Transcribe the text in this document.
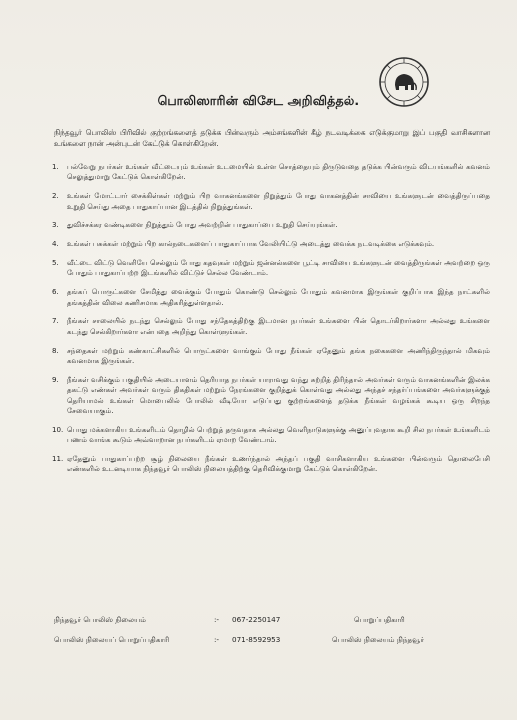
பொலிஸாரின் விசேட அறிவித்தல்.
நிந்தவூர் பொலிஸ் பிரிவில் குற்றங்களைத் தடுக்க பின்வரும் அம்சங்களின் கீழ் நடவடிக்கை எடுக்குமாறு இப் பகுதி வாசிகளான உங்களை நான் அன்புடன் கேட்டுக் கொள்கிறேன்.
1.	பல்வேறு நபர்கள் உங்கள் வீட்டையும் உங்கள் உடமையில் உள்ள சொத்தையும் திருடுவதை தடுக்க பின்வரும் விடயங்களில் கவனம் செலுத்துமாறு கேட்டுக் கொள்கிறேன்.
2.	உங்கள் மோட்டார் சைக்கிள்கள் மற்றும் பிற வாகனங்களை நிறுத்தும் போது வாகனத்தின் சாவியை உங்களுடன் வைத்திருப்பதை உறுதி செய்து அதை பாதுகாப்பான இடத்தில் நிறுத்துங்கள்.
3.	துவிச்சக்கர வண்டிகளை நிறுத்தும் போது அவற்றின் பாதுகாப்பை உறுதி செய்யுங்கள்.
4.	உங்கள் பசுக்கள் மற்றும் பிற கால்நடைகளைப் பாதுகாப்பாக வேலியிட்டு அடைத்து வைக்க நடவடிக்கை எடுக்கவும்.
5.	வீட்டை விட்டு வெளியே செல்லும் போது கதவுகள் மற்றும் ஜன்னல்களை பூட்டி சாவியை உங்களுடன் வைத்திருங்கள் அவற்றை ஒரு போதும் பாதுகாப்பற்ற இடங்களில் விட்டுச் செல்ல வேண்டாம்.
6.	தங்கப் பொருட்களை சேமித்து வைக்கும் போதும் கொண்டு செல்லும் போதும் கவனமாக இருங்கள் குறிப்பாக இந்த நாட்களில் தங்கத்தின் விலை கணிசமாக அதிகரித்துள்ளதால்.
7.	நீங்கள் சாலையில் நடந்து செல்லும் போது சந்தேகத்திற்கு இடமான நபர்கள் உங்களை பின் தொடர்கிறார்களா அல்லது உங்களை கடந்து செல்கிறார்களா என்பதை அறிந்து கொள்ளுங்கள்.
8.	சந்தைகள் மற்றும் கண்காட்சிகளில் பொருட்களை வாங்கும் போது நீங்கள் ஏதேனும் தங்க நகைகளை அணிந்திருந்தால் மிகவும் கவனமாக இருங்கள்.
9.	நீங்கள் வசிக்கும் பகுதியில் அடையாளம் தெரியாத நபர்கள் யாராவது வந்து சுற்றித் திரிந்தால் அவர்கள் வரும் வாகனங்களின் இலக்க தகட்டு எண்கள் அவர்கள் வரும் திகதிகள் மற்றும் நேரங்களை குறித்துக் கொள்வது அல்லது அந்தச் சந்தர்ப்பங்களை அவர்களுக்குத் தெரியாமல் உங்கள் மொபைலில் போலில் வீடியோ எடுப்பது குற்றங்களைத் தடுக்க நீங்கள் வழங்கக் கூடிய ஒரு சிறந்த சேவையாகும்.
10. பொது மக்களாகிய உங்களிடம் தொழில் பெற்றுத் தருவதாக அல்லது வெளிநாடுகளுக்கு அனுப்புவதாக கூறி சில நபர்கள் உங்களிடம் பணம் வாங்க கூடும் அவ்வாறான நபர்களிடம் ஏமாற வேண்டாம்.
11. ஏதேனும் பாதுகாப்பற்ற சூழ் நிலையை நீங்கள் உணர்ந்தால் அந்தப் பகுதி வாசிகளாகிய உங்களை பின்வரும் தொலைபேசி எண்களில் உடனடியாக நிந்தவூர் பொலிஸ் நிலையத்திற்கு தெரிவிக்குமாறு கேட்டுக் கொள்கிறேன்.
நிந்தவூர் பொலிஸ் நிலையம்	:- 067-2250147	பொறுப்பதிகாரி
பொலிஸ் நிலையப் பொறுப்பதிகாரி	:- 071-8592953	பொலிஸ் நிலையம் நிந்தவூர்
